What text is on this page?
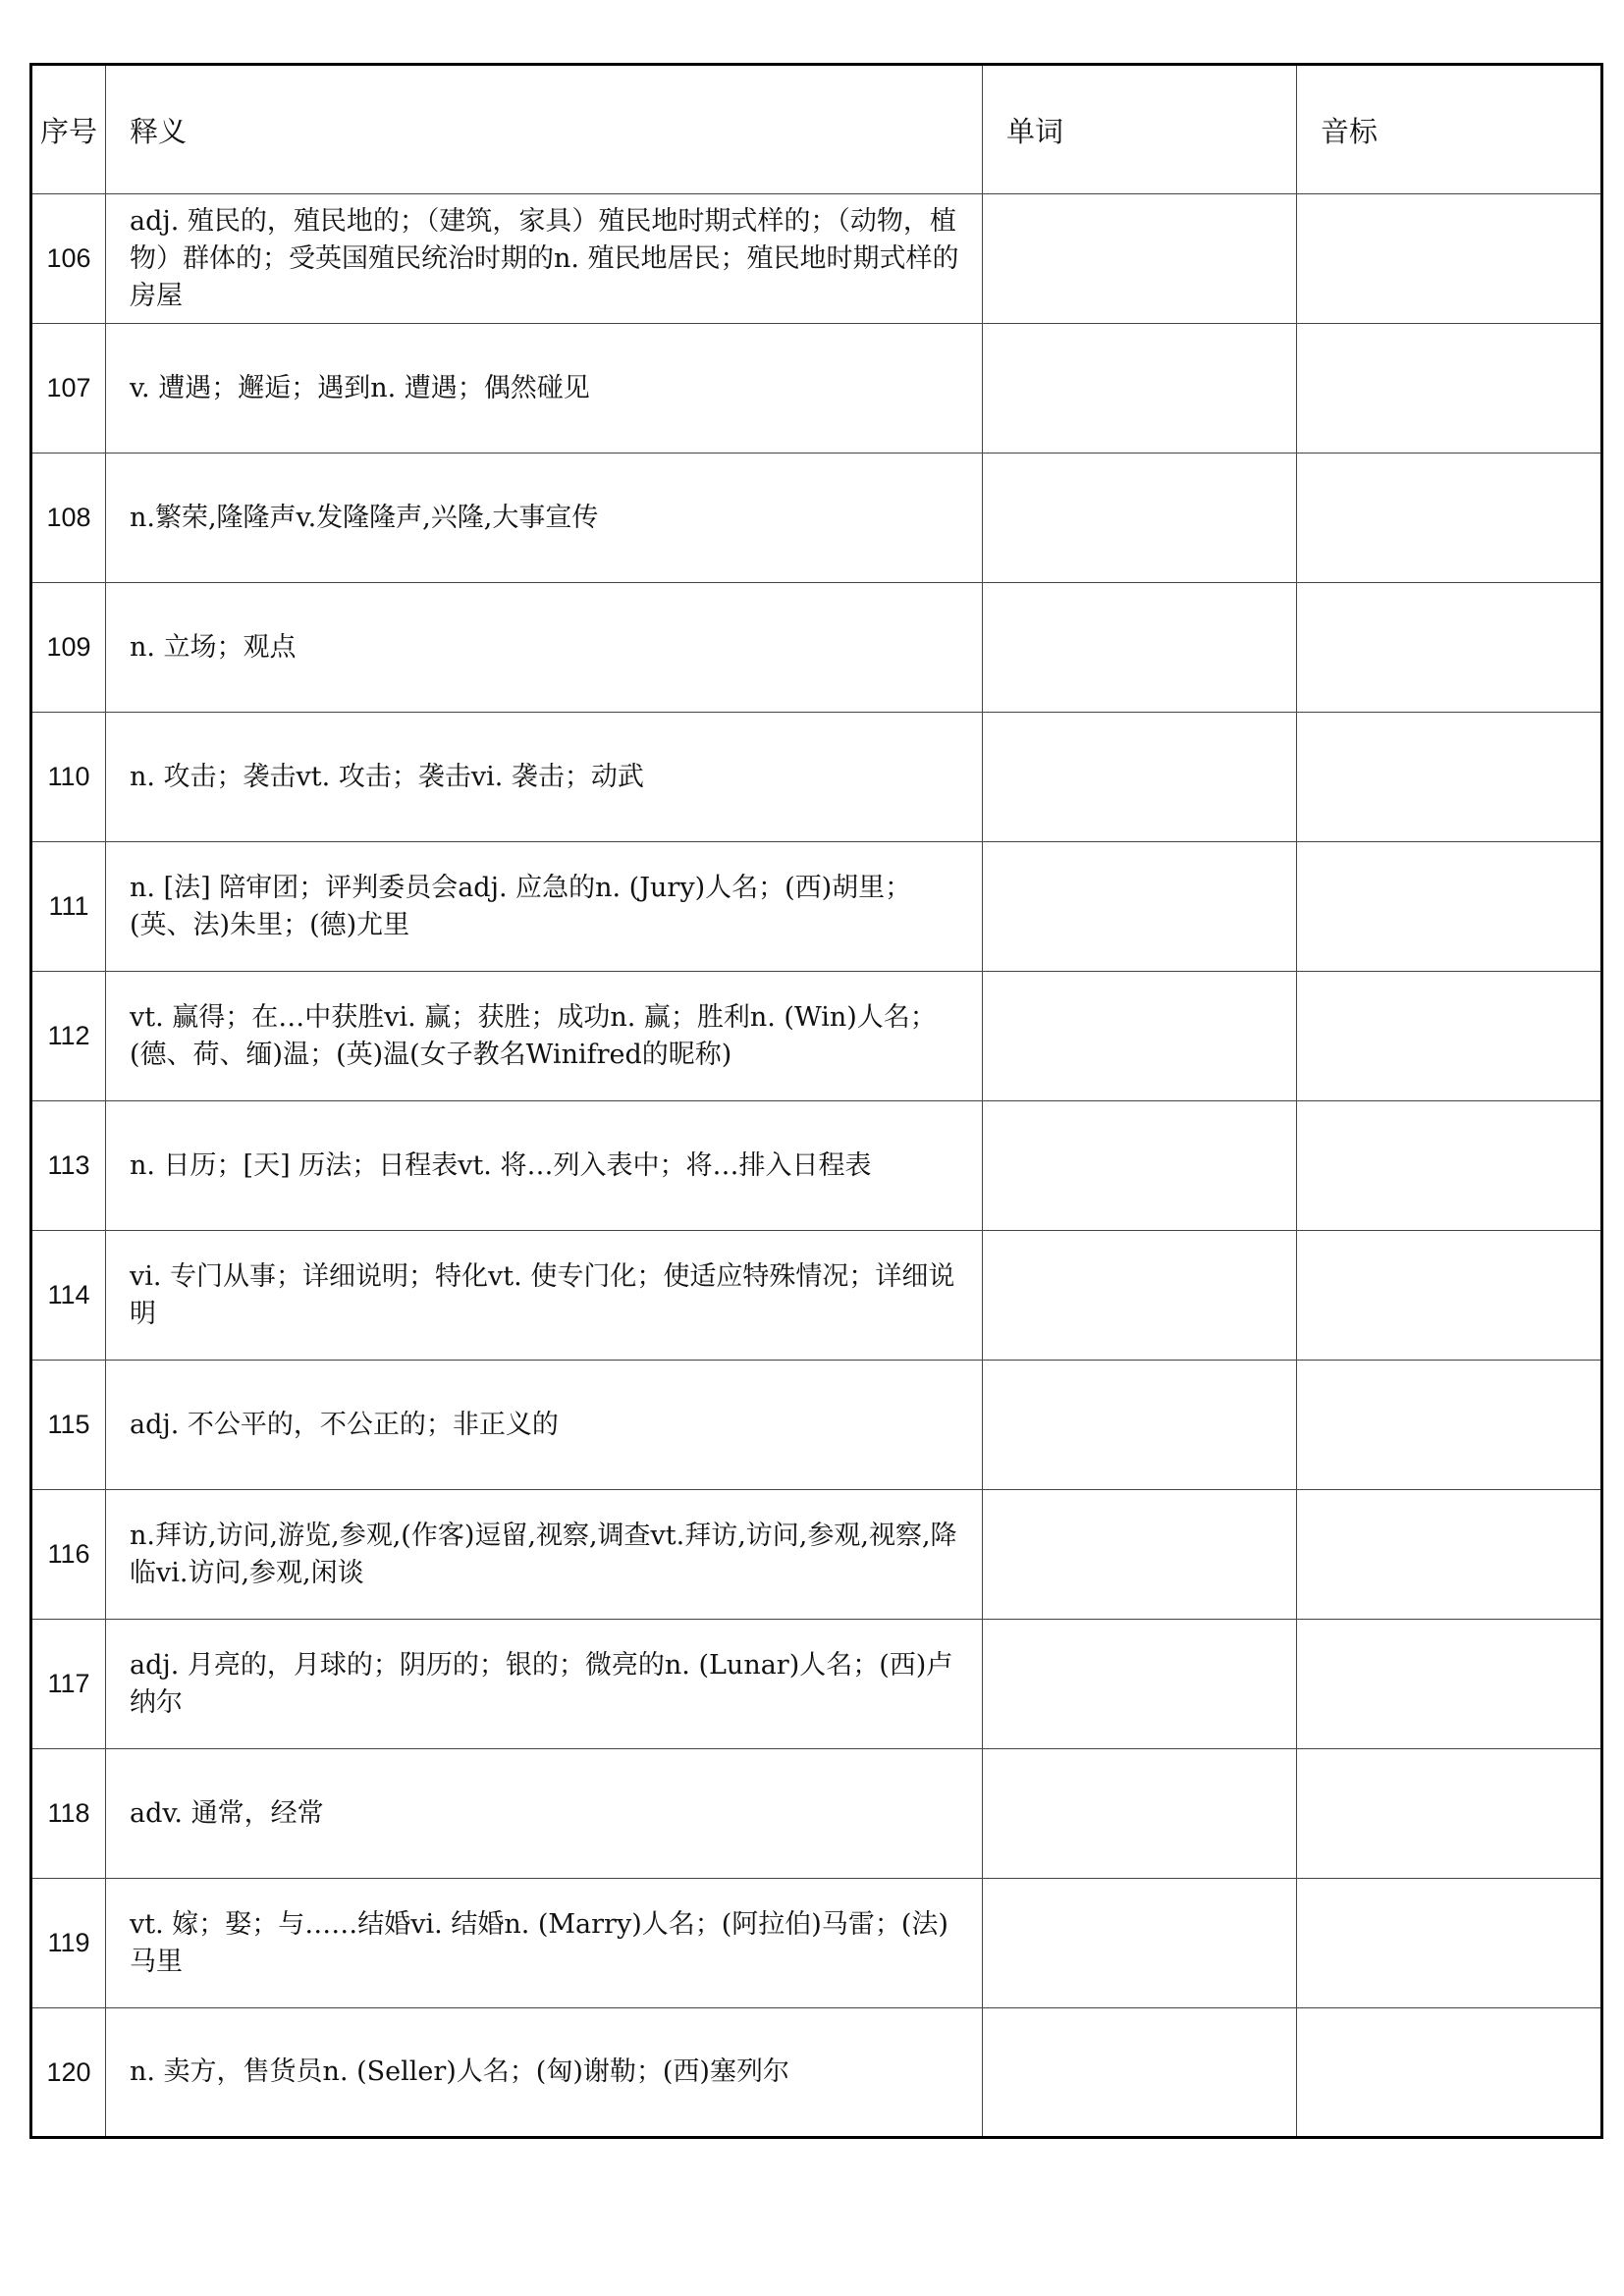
序号	释义	单词	音标
106	adj. 殖民的，殖民地的；（建筑，家具）殖民地时期式样的；（动物，植物）群体的；受英国殖民统治时期的n. 殖民地居民；殖民地时期式样的房屋		
107	v. 遭遇；邂逅；遇到n. 遭遇；偶然碰见		
108	n.繁荣,隆隆声v.发隆隆声,兴隆,大事宣传		
109	n. 立场；观点		
110	n. 攻击；袭击vt. 攻击；袭击vi. 袭击；动武		
111	n. [法] 陪审团；评判委员会adj. 应急的n. (Jury)人名；(西)胡里；(英、法)朱里；(德)尤里		
112	vt. 赢得；在…中获胜vi. 赢；获胜；成功n. 赢；胜利n. (Win)人名；(德、荷、缅)温；(英)温(女子教名Winifred的昵称)		
113	n. 日历；[天] 历法；日程表vt. 将…列入表中；将…排入日程表		
114	vi. 专门从事；详细说明；特化vt. 使专门化；使适应特殊情况；详细说明		
115	adj. 不公平的，不公正的；非正义的		
116	n.拜访,访问,游览,参观,(作客)逗留,视察,调查vt.拜访,访问,参观,视察,降临vi.访问,参观,闲谈		
117	adj. 月亮的，月球的；阴历的；银的；微亮的n. (Lunar)人名；(西)卢纳尔		
118	adv. 通常，经常		
119	vt. 嫁；娶；与……结婚vi. 结婚n. (Marry)人名；(阿拉伯)马雷；(法)马里		
120	n. 卖方，售货员n. (Seller)人名；(匈)谢勒；(西)塞列尔		
